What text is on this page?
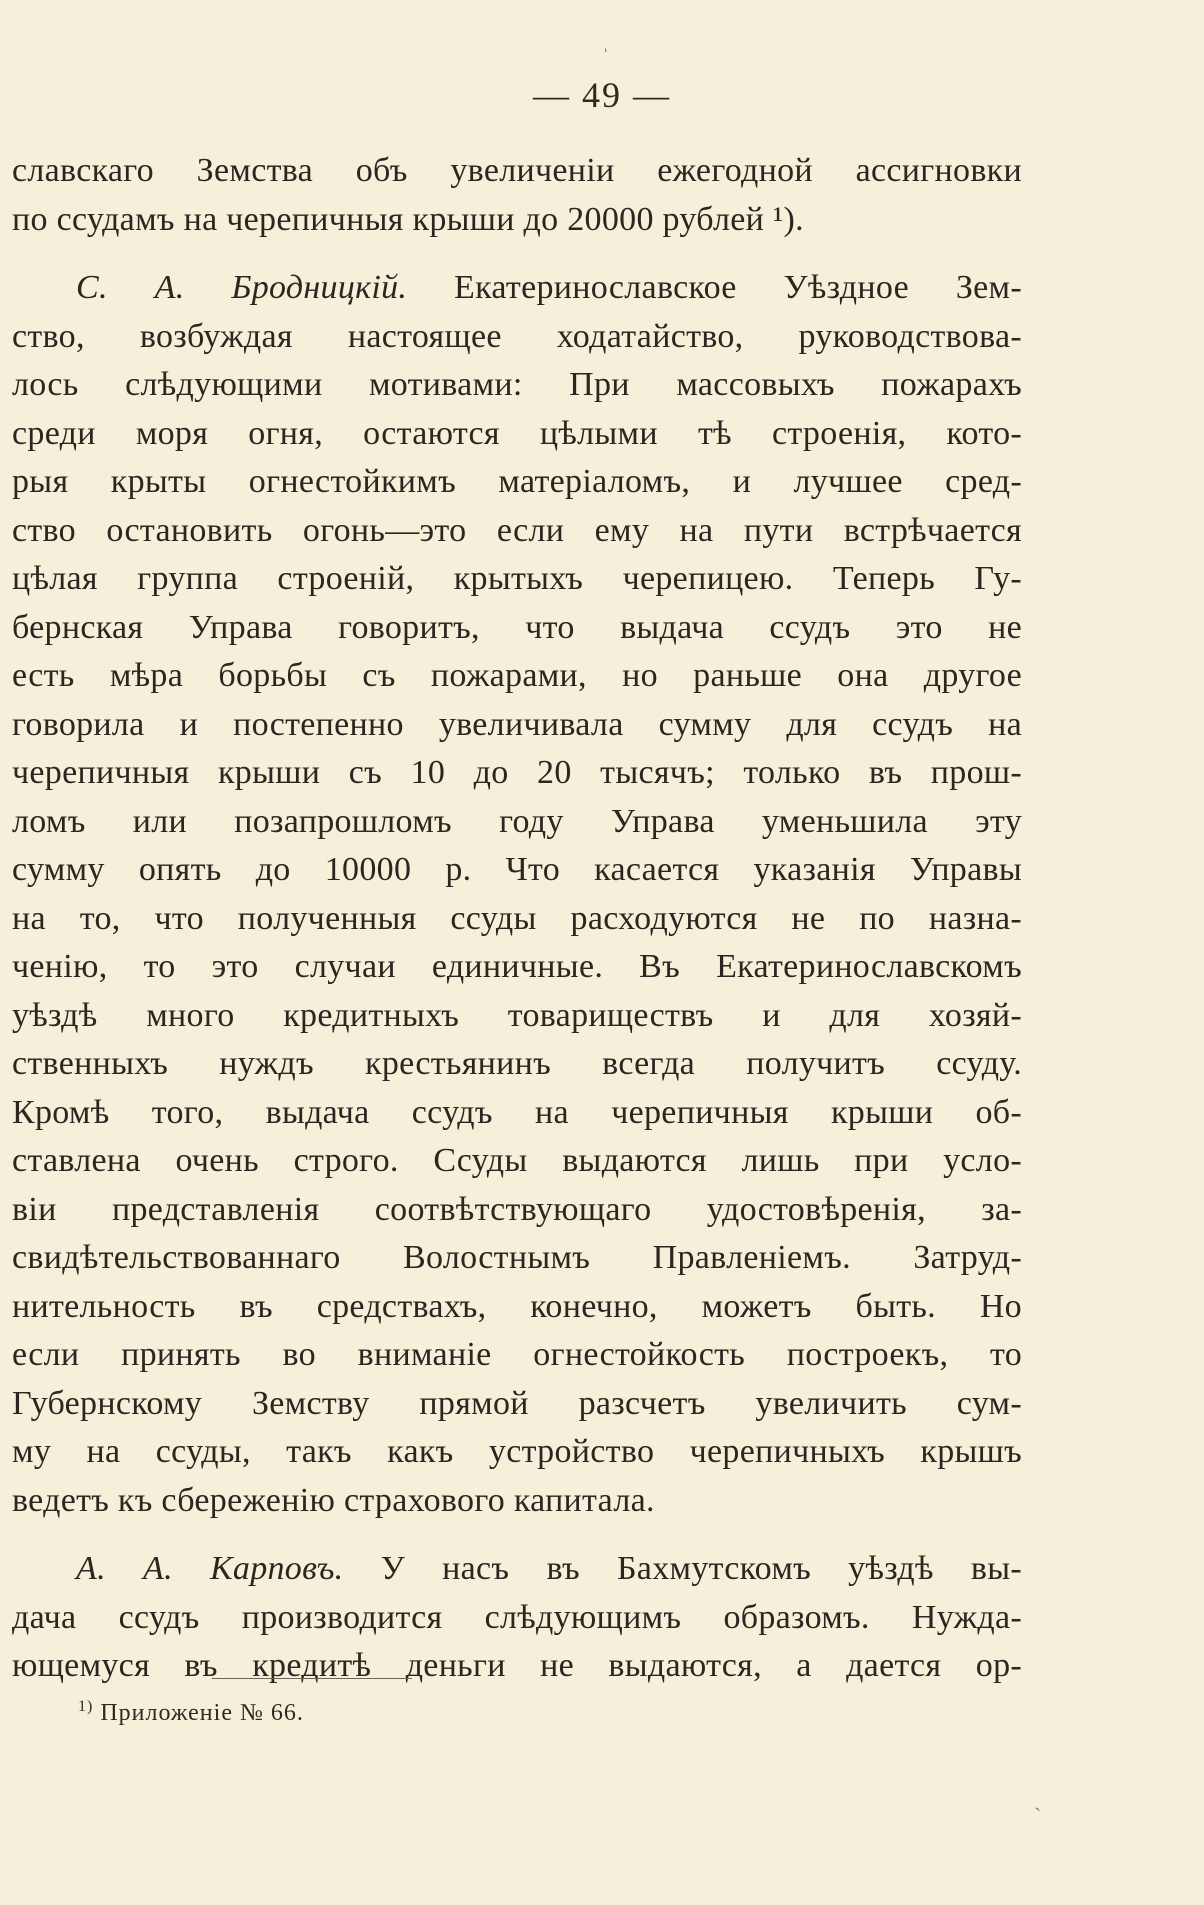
— 49 —
славскаго Земства объ увеличеніи ежегодной ассигновки
по ссудамъ на черепичныя крыши до 20000 рублей ¹).
С. А. Бродницкій. Екатеринославское Уѣздное Зем-
ство, возбуждая настоящее ходатайство, руководствова-
лось слѣдующими мотивами: При массовыхъ пожарахъ
среди моря огня, остаются цѣлыми тѣ строенія, кото-
рыя крыты огнестойкимъ матеріаломъ, и лучшее сред-
ство остановить огонь—это если ему на пути встрѣчается
цѣлая группа строеній, крытыхъ черепицею. Теперь Гу-
бернская Управа говоритъ, что выдача ссудъ это не
есть мѣра борьбы съ пожарами, но раньше она другое
говорила и постепенно увеличивала сумму для ссудъ на
черепичныя крыши съ 10 до 20 тысячъ; только въ прош-
ломъ или позапрошломъ году Управа уменьшила эту
сумму опять до 10000 р. Что касается указанія Управы
на то, что полученныя ссуды расходуются не по назна-
ченію, то это случаи единичные. Въ Екатеринославскомъ
уѣздѣ много кредитныхъ товариществъ и для хозяй-
ственныхъ нуждъ крестьянинъ всегда получитъ ссуду.
Кромѣ того, выдача ссудъ на черепичныя крыши об-
ставлена очень строго. Ссуды выдаются лишь при усло-
віи представленія соотвѣтствующаго удостовѣренія, за-
свидѣтельствованнаго Волостнымъ Правленіемъ. Затруд-
нительность въ средствахъ, конечно, можетъ быть. Но
если принять во вниманіе огнестойкость построекъ, то
Губернскому Земству прямой разсчетъ увеличить сум-
му на ссуды, такъ какъ устройство черепичныхъ крышъ
ведетъ къ сбереженію страхового капитала.
А. А. Карповъ. У насъ въ Бахмутскомъ уѣздѣ вы-
дача ссудъ производится слѣдующимъ образомъ. Нужда-
ющемуся въ кредитѣ деньги не выдаются, а дается ор-
$^{1)}$ Приложеніе № 66.
ˈ
ˏ
